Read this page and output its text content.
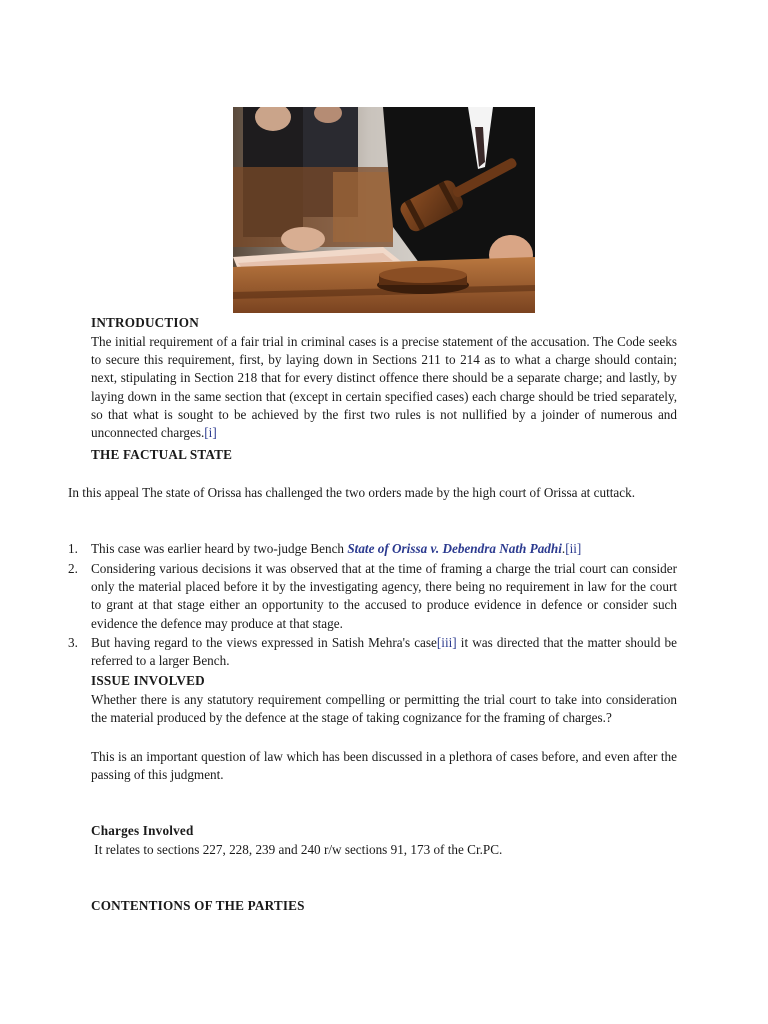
INTRODUCTION
The initial requirement of a fair trial in criminal cases is a precise statement of the accusation. The Code seeks to secure this requirement, first, by laying down in Sections 211 to 214 as to what a charge should contain; next, stipulating in Section 218 that for every distinct offence there should be a separate charge; and lastly, by laying down in the same section that (except in certain specified cases) each charge should be tried separately, so that what is sought to be achieved by the first two rules is not nullified by a joinder of numerous and unconnected charges.[i]
THE FACTUAL STATE
In this appeal The state of Orissa has challenged the two orders made by the high court of Orissa at cuttack.
1. This case was earlier heard by two-judge Bench State of Orissa v. Debendra Nath Padhi.[ii]
2. Considering various decisions it was observed that at the time of framing a charge the trial court can consider only the material placed before it by the investigating agency, there being no requirement in law for the court to grant at that stage either an opportunity to the accused to produce evidence in defence or consider such evidence the defence may produce at that stage.
3. But having regard to the views expressed in Satish Mehra's case[iii] it was directed that the matter should be referred to a larger Bench.
ISSUE INVOLVED
Whether there is any statutory requirement compelling or permitting the trial court to take into consideration the material produced by the defence at the stage of taking cognizance for the framing of charges.?
This is an important question of law which has been discussed in a plethora of cases before, and even after the passing of this judgment.
Charges Involved
It relates to sections 227, 228, 239 and 240 r/w sections 91, 173 of the Cr.PC.
CONTENTIONS OF THE PARTIES
